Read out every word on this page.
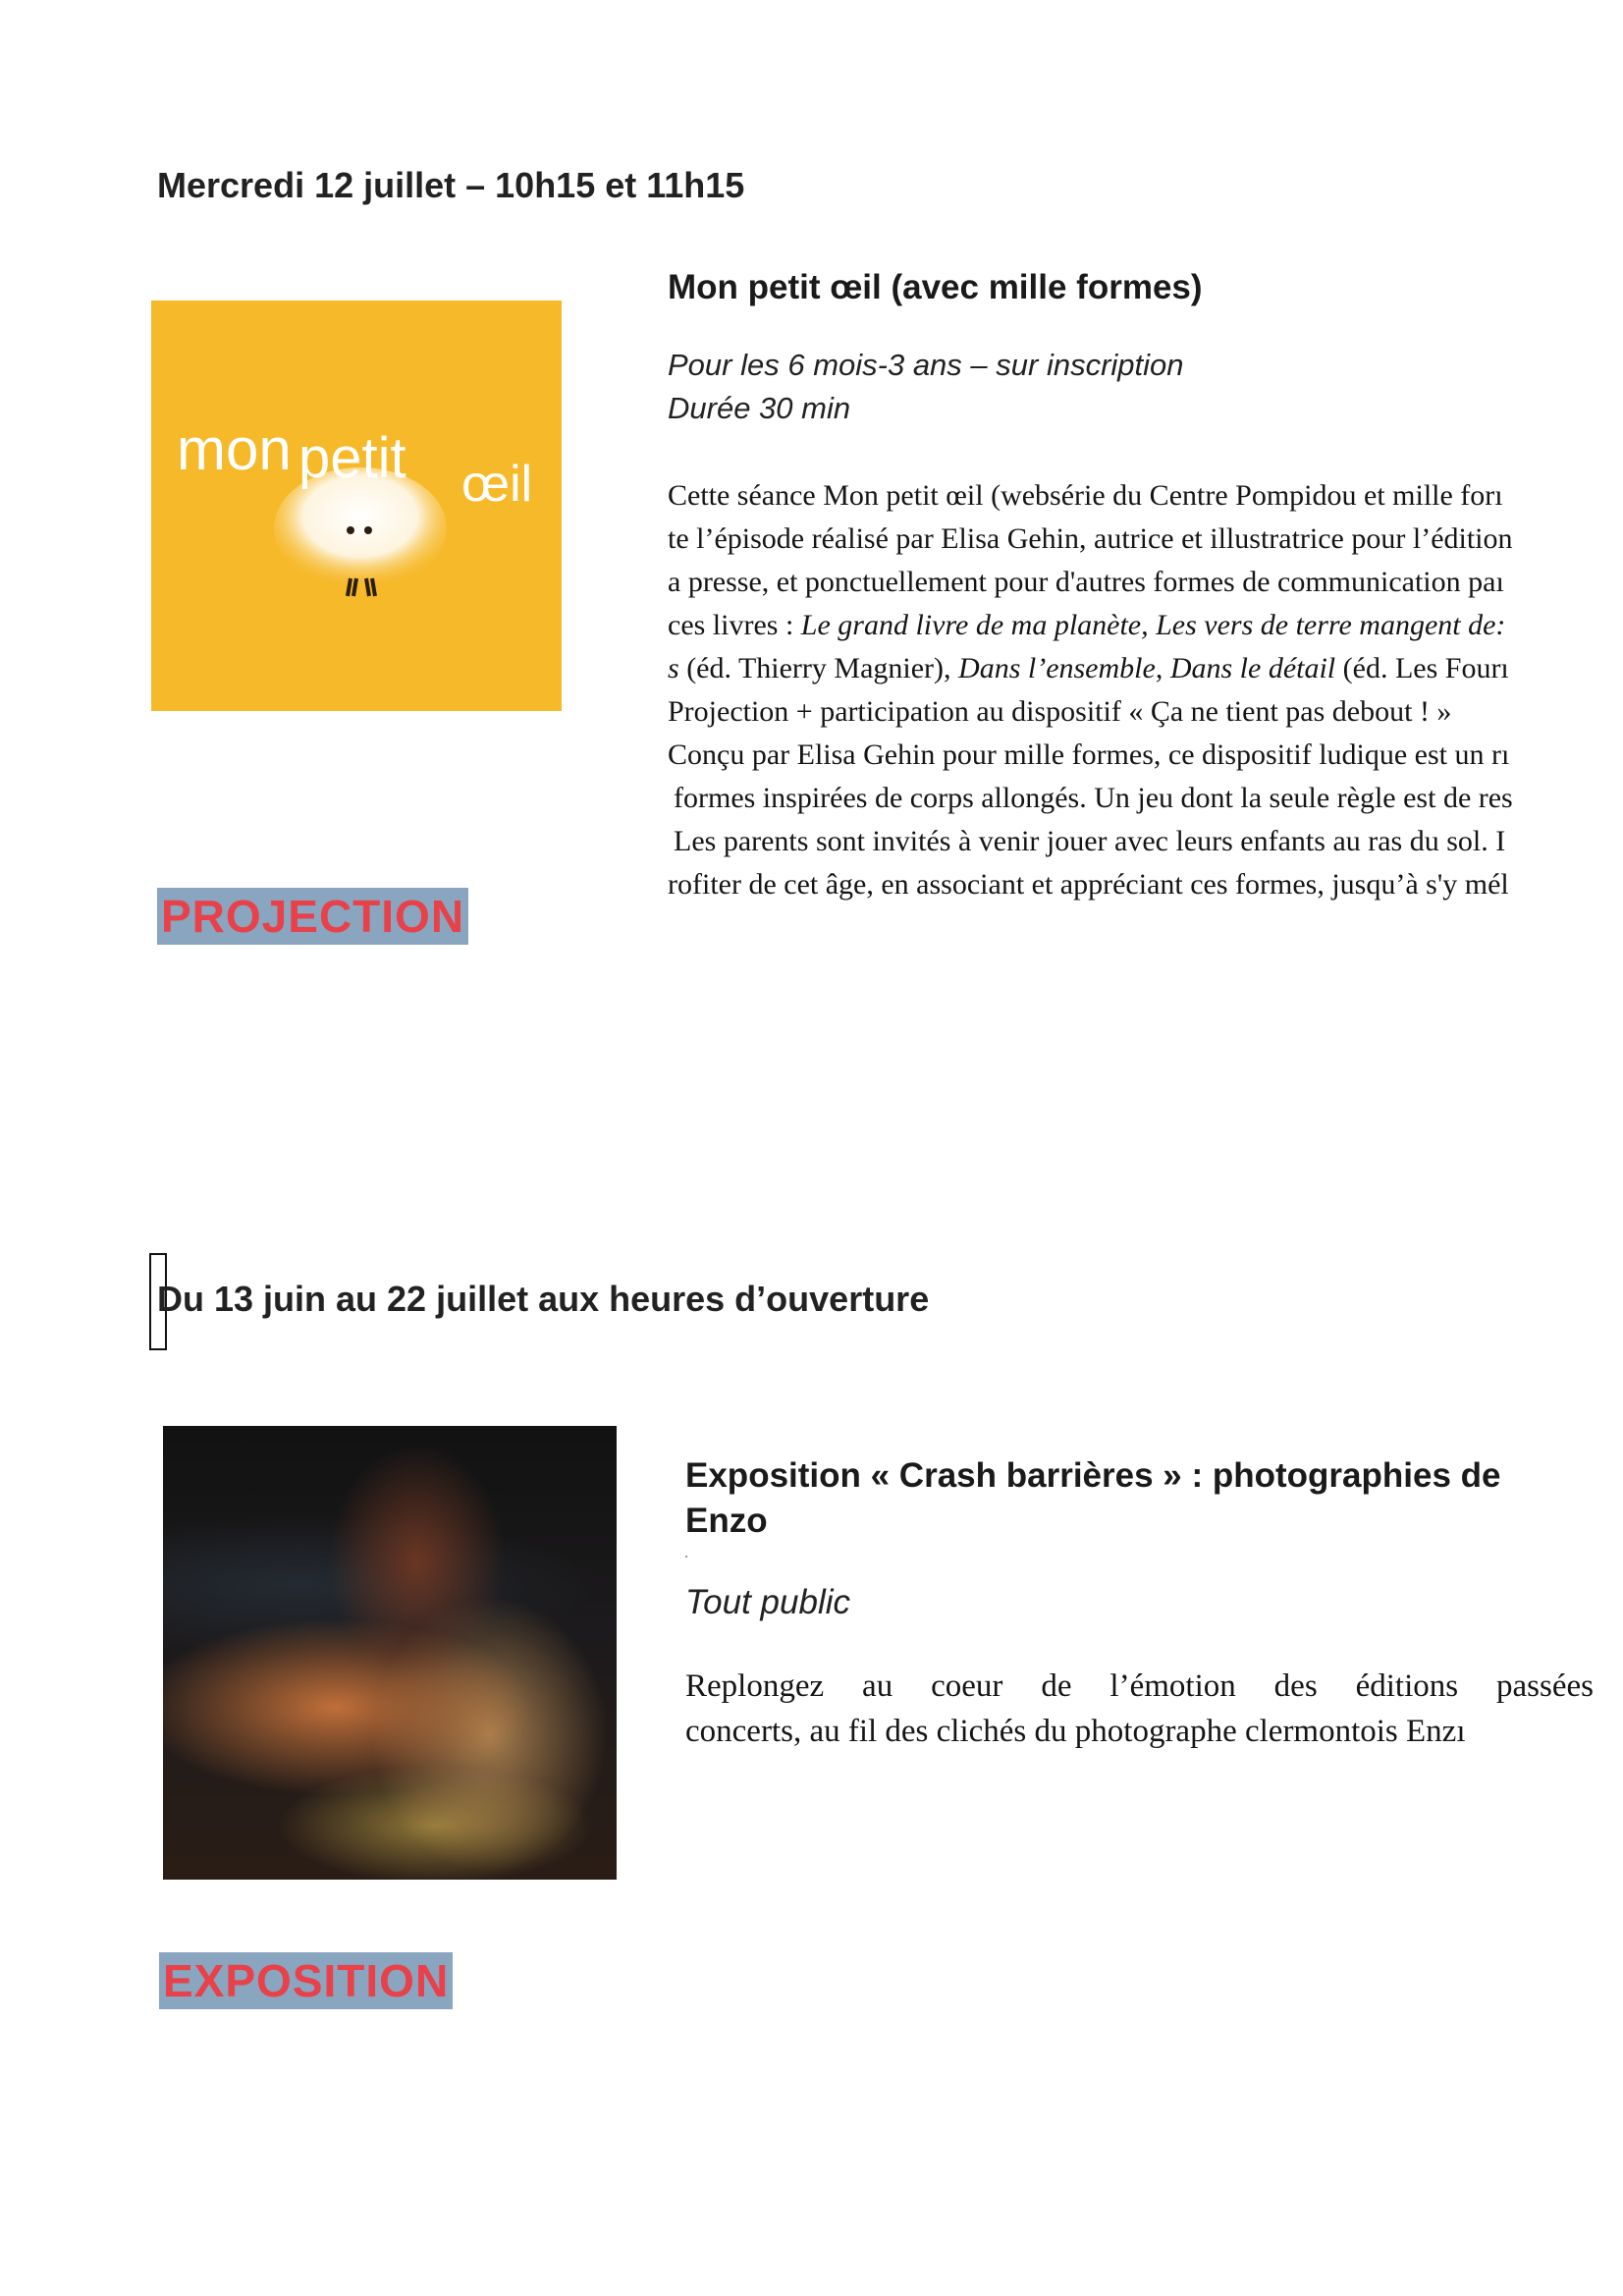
Mercredi 12 juillet – 10h15 et 11h15
Mon petit œil (avec mille formes)
mon petit œil
Pour les 6 mois-3 ans – sur inscription
Durée 30 min
Cette séance Mon petit œil (websérie du Centre Pompidou et mille forı
te l’épisode réalisé par Elisa Gehin, autrice et illustratrice pour l’édition
a presse, et ponctuellement pour d'autres formes de communication paı
ces livres : Le grand livre de ma planète, Les vers de terre mangent de:
s (éd. Thierry Magnier), Dans l’ensemble, Dans le détail (éd. Les Fourı
Projection + participation au dispositif « Ça ne tient pas debout ! »
Conçu par Elisa Gehin pour mille formes, ce dispositif ludique est un rı
formes inspirées de corps allongés. Un jeu dont la seule règle est de res
Les parents sont invités à venir jouer avec leurs enfants au ras du sol. I
rofiter de cet âge, en associant et appréciant ces formes, jusqu’à s'y mél
PROJECTION
Du 13 juin au 22 juillet aux heures d’ouverture
Exposition « Crash barrières » : photographies de
Enzo
Tout public
Replongez au coeur de l’émotion des éditions passées
concerts, au fil des clichés du photographe clermontois Enzı
EXPOSITION
